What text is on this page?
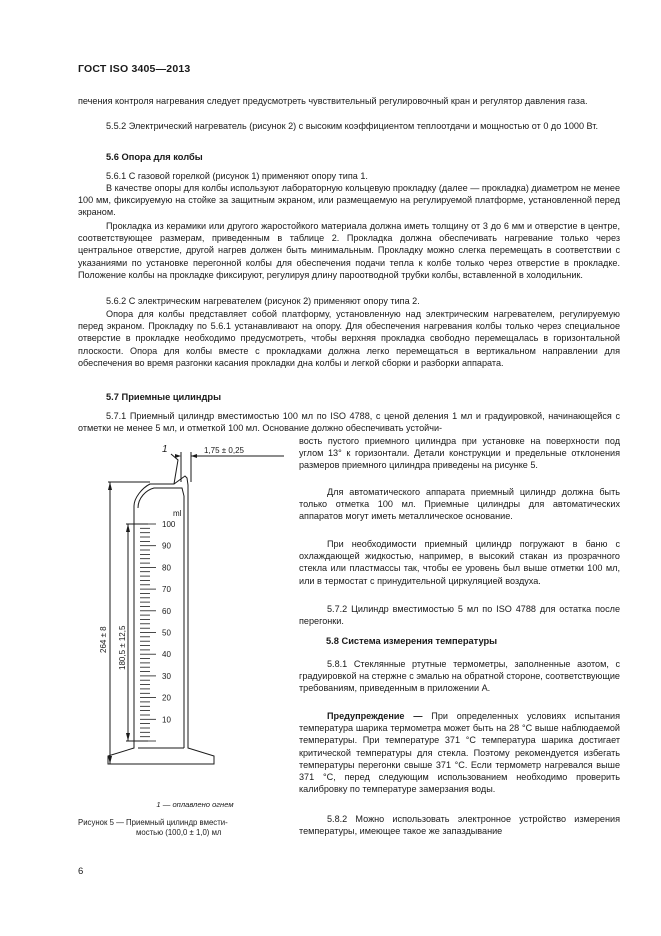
ГОСТ ISO 3405—2013
печения контроля нагревания следует предусмотреть чувствительный регулировочный кран и регулятор давления газа.
5.5.2 Электрический нагреватель (рисунок 2) с высоким коэффициентом теплоотдачи и мощностью от 0 до 1000 Вт.
5.6 Опора для колбы
5.6.1 С газовой горелкой (рисунок 1) применяют опору типа 1.
В качестве опоры для колбы используют лабораторную кольцевую прокладку (далее — прокладка) диаметром не менее 100 мм, фиксируемую на стойке за защитным экраном, или размещаемую на регулируемой платформе, установленной перед экраном.
Прокладка из керамики или другого жаростойкого материала должна иметь толщину от 3 до 6 мм и отверстие в центре, соответствующее размерам, приведенным в таблице 2. Прокладка должна обеспечивать нагревание только через центральное отверстие, другой нагрев должен быть минимальным. Прокладку можно слегка перемещать в соответствии с указаниями по установке перегонной колбы для обеспечения подачи тепла к колбе только через отверстие в прокладке. Положение колбы на прокладке фиксируют, регулируя длину пароотводной трубки колбы, вставленной в холодильник.
5.6.2 С электрическим нагревателем (рисунок 2) применяют опору типа 2.
Опора для колбы представляет собой платформу, установленную над электрическим нагревателем, регулируемую перед экраном. Прокладку по 5.6.1 устанавливают на опору. Для обеспечения нагревания колбы только через специальное отверстие в прокладке необходимо предусмотреть, чтобы верхняя прокладка свободно перемещалась в горизонтальной плоскости. Опора для колбы вместе с прокладками должна легко перемещаться в вертикальном направлении для обеспечения во время разгонки касания прокладки дна колбы и легкой сборки и разборки аппарата.
5.7 Приемные цилиндры
5.7.1 Приемный цилиндр вместимостью 100 мл по ISO 4788, с ценой деления 1 мл и градуировкой, начинающейся с отметки не менее 5 мл, и отметкой 100 мл. Основание должно обеспечивать устойчи-
вость пустого приемного цилиндра при установке на поверхности под углом 13° к горизонтали. Детали конструкции и предельные отклонения размеров приемного цилиндра приведены на рисунке 5.
Для автоматического аппарата приемный цилиндр должна быть только отметка 100 мл. Приемные цилиндры для автоматических аппаратов могут иметь металлическое основание.
При необходимости приемный цилиндр погружают в баню с охлаждающей жидкостью, например, в высокий стакан из прозрачного стекла или пластмассы так, чтобы ее уровень был выше отметки 100 мл, или в термостат с принудительной циркуляцией воздуха.
5.7.2 Цилиндр вместимостью 5 мл по ISO 4788 для остатка после перегонки.
5.8 Система измерения температуры
5.8.1 Стеклянные ртутные термометры, заполненные азотом, с градуировкой на стержне с эмалью на обратной стороне, соответствующие требованиям, приведенным в приложении А.
Предупреждение — При определенных условиях испытания температура шарика термометра может быть на 28 °С выше наблюдаемой температуры. При температуре 371 °С температура шарика достигает критической температуры для стекла. Поэтому рекомендуется избегать температуры перегонки свыше 371 °С. Если термометр нагревался выше 371 °С, перед следующим использованием необходимо проверить калибровку по температуре замерзания воды.
5.8.2 Можно использовать электронное устройство измерения температуры, имеющее такое же запаздывание
100
90
80
70
60
50
40
30
20
10
1	1,75 ± 0,25
ml
264 ± 8 180,5 ± 12,5
1 — оплавлено огнем
Рисунок 5 — Приемный цилиндр вмести-
мостью (100,0 ± 1,0) мл
6
